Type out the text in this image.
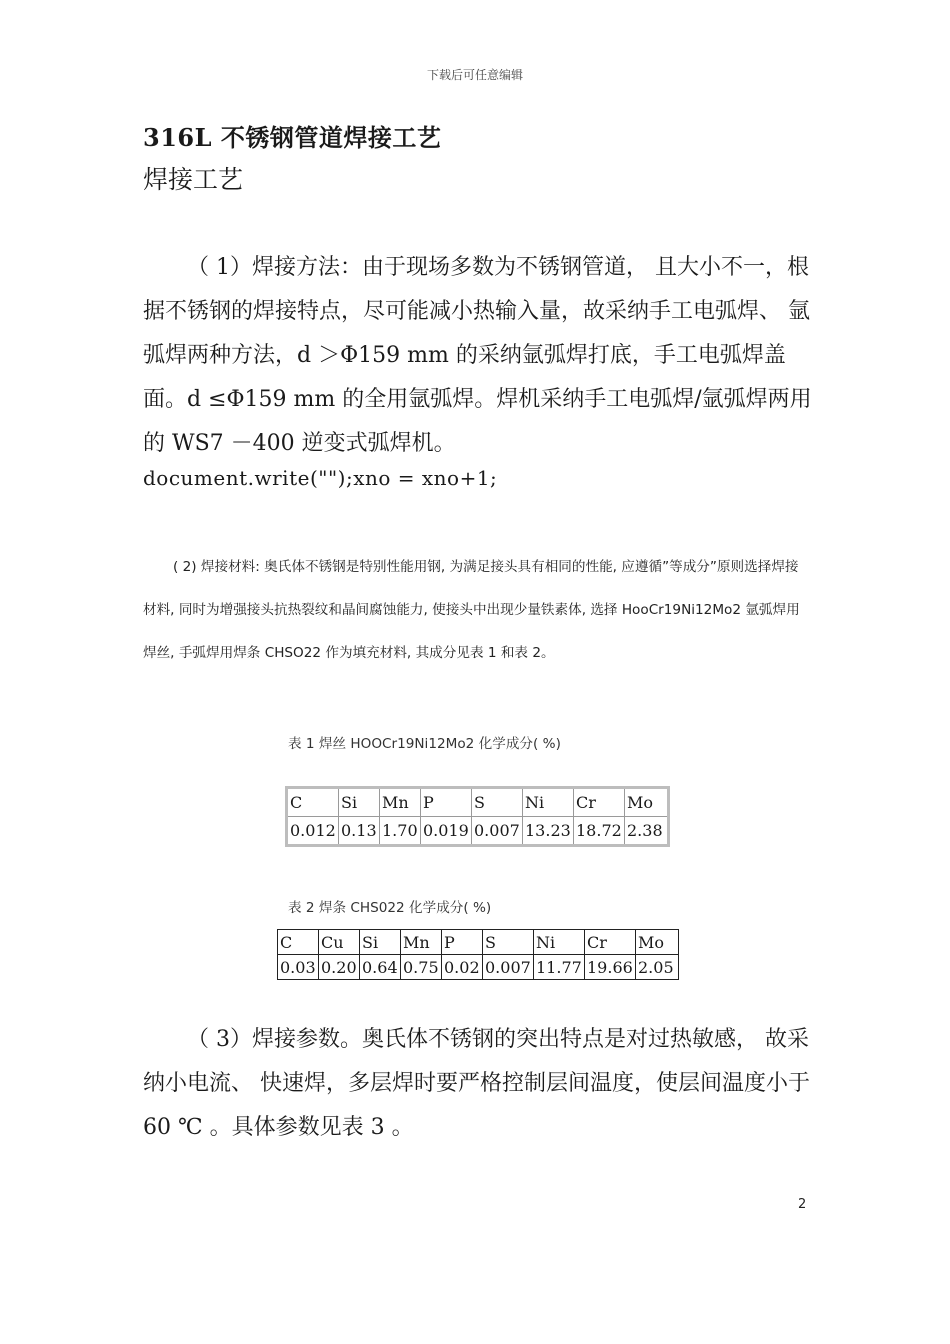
下载后可任意编辑
316L 不锈钢管道焊接工艺
焊接工艺
（ 1）焊接方法：由于现场多数为不锈钢管道， 且大小不一，根据不锈钢的焊接特点，尽可能减小热输入量，故采纳手工电弧焊、 氩弧焊两种方法，d ＞Φ159 mm 的采纳氩弧焊打底，手工电弧焊盖面。d ≤Φ159 mm 的全用氩弧焊。焊机采纳手工电弧焊/氩弧焊两用的 WS7 －400 逆变式弧焊机。
document.write("");xno = xno+1;
( 2) 焊接材料: 奥氏体不锈钢是特别性能用钢, 为满足接头具有相同的性能, 应遵循”等成分”原则选择焊接材料, 同时为增强接头抗热裂纹和晶间腐蚀能力, 使接头中出现少量铁素体, 选择 HooCr19Ni12Mo2 氩弧焊用焊丝, 手弧焊用焊条 CHSO22 作为填充材料, 其成分见表 1 和表 2。
表 1 焊丝 HOOCr19Ni12Mo2 化学成分( %)
C	Si	Mn	P	S	Ni	Cr	Mo
0.012	0.13	1.70	0.019	0.007	13.23	18.72	2.38
表 2 焊条 CHS022 化学成分( %)
C	Cu	Si	Mn	P	S	Ni	Cr	Mo
0.03	0.20	0.64	0.75	0.02	0.007	11.77	19.66	2.05
（ 3）焊接参数。奥氏体不锈钢的突出特点是对过热敏感， 故采纳小电流、 快速焊，多层焊时要严格控制层间温度，使层间温度小于 60 ℃ 。具体参数见表 3 。
2
